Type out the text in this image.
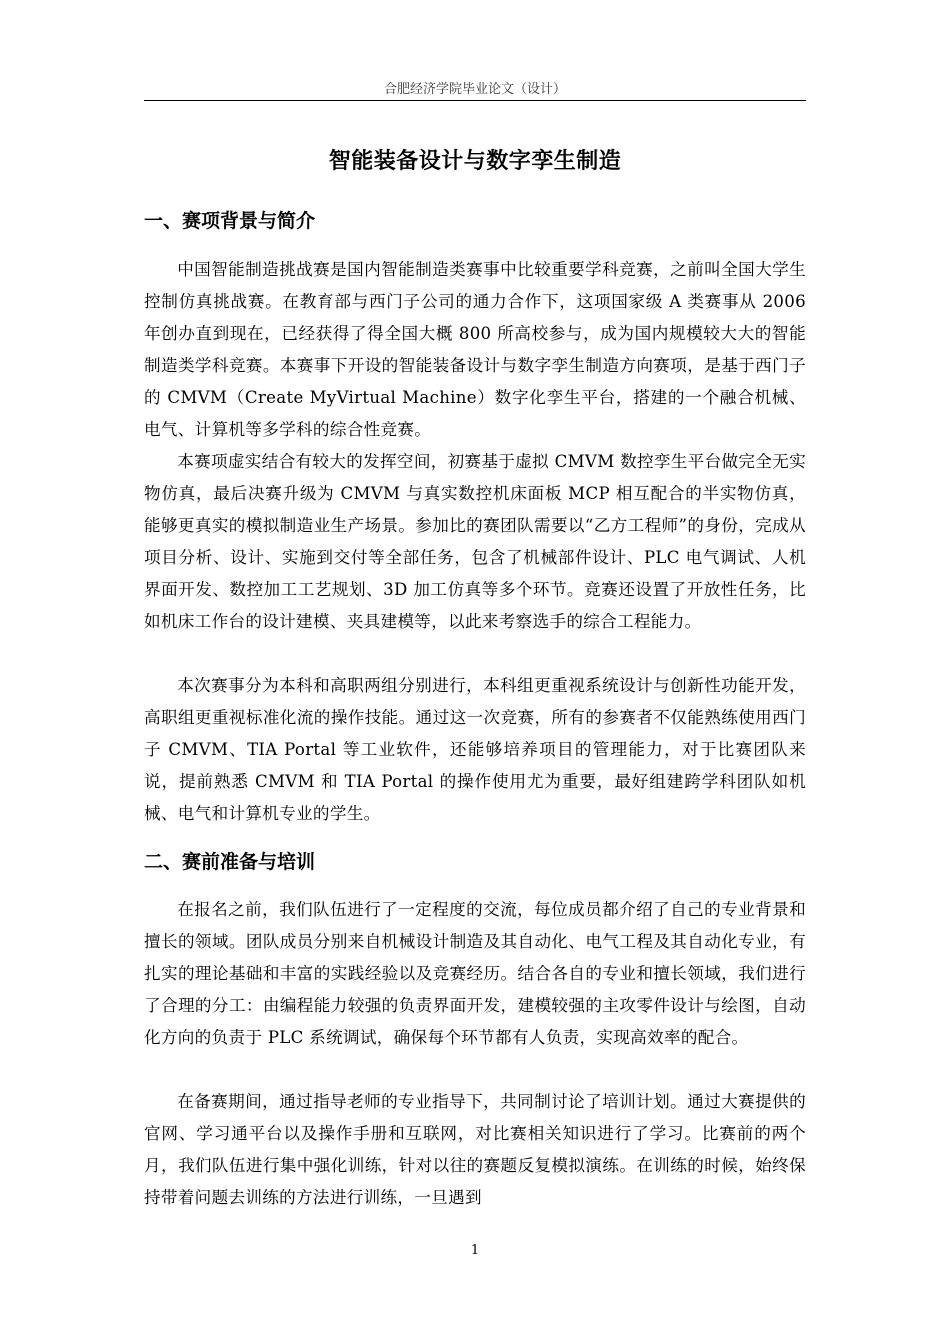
合肥经济学院毕业论文（设计）
智能装备设计与数字孪生制造
一、赛项背景与简介

中国智能制造挑战赛是国内智能制造类赛事中比较重要学科竞赛，之前叫全国大学生控制仿真挑战赛。在教育部与西门子公司的通力合作下，这项国家级 A 类赛事从 2006 年创办直到现在，已经获得了得全国大概 800 所高校参与，成为国内规模较大大的智能制造类学科竞赛。本赛事下开设的智能装备设计与数字孪生制造方向赛项，是基于西门子的 CMVM（Create MyVirtual Machine）数字化孪生平台，搭建的一个融合机械、电气、计算机等多学科的综合性竞赛。

本赛项虚实结合有较大的发挥空间，初赛基于虚拟 CMVM 数控孪生平台做完全无实物仿真，最后决赛升级为 CMVM 与真实数控机床面板 MCP 相互配合的半实物仿真，能够更真实的模拟制造业生产场景。参加比的赛团队需要以“乙方工程师”的身份，完成从项目分析、设计、实施到交付等全部任务，包含了机械部件设计、PLC 电气调试、人机界面开发、数控加工工艺规划、3D 加工仿真等多个环节。竞赛还设置了开放性任务，比如机床工作台的设计建模、夹具建模等，以此来考察选手的综合工程能力。

本次赛事分为本科和高职两组分别进行，本科组更重视系统设计与创新性功能开发，高职组更重视标准化流的操作技能。通过这一次竞赛，所有的参赛者不仅能熟练使用西门子 CMVM、TIA Portal 等工业软件，还能够培养项目的管理能力，对于比赛团队来说，提前熟悉 CMVM 和 TIA Portal 的操作使用尤为重要，最好组建跨学科团队如机械、电气和计算机专业的学生。

二、赛前准备与培训

在报名之前，我们队伍进行了一定程度的交流，每位成员都介绍了自己的专业背景和擅长的领域。团队成员分别来自机械设计制造及其自动化、电气工程及其自动化专业，有扎实的理论基础和丰富的实践经验以及竞赛经历。结合各自的专业和擅长领域，我们进行了合理的分工：由编程能力较强的负责界面开发，建模较强的主攻零件设计与绘图，自动化方向的负责于 PLC 系统调试，确保每个环节都有人负责，实现高效率的配合。

在备赛期间，通过指导老师的专业指导下，共同制讨论了培训计划。通过大赛提供的官网、学习通平台以及操作手册和互联网，对比赛相关知识进行了学习。比赛前的两个月，我们队伍进行集中强化训练，针对以往的赛题反复模拟演练。在训练的时候，始终保持带着问题去训练的方法进行训练，一旦遇到

1
